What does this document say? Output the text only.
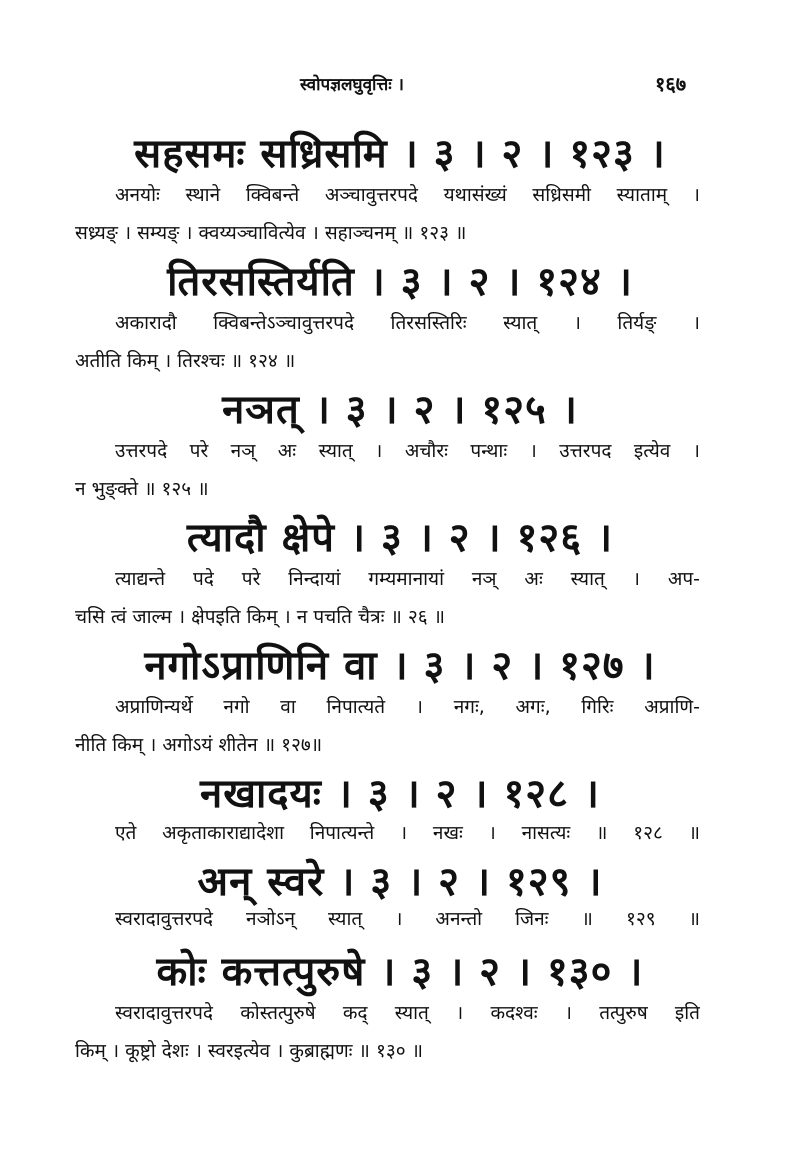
स्वोपज्ञलघुवृत्तिः ।	१६७
सहसमः सध्रिसमि । ३ । २ । १२३ ।
अनयोः स्थाने क्विबन्ते अञ्चावुत्तरपदे यथासंख्यं सध्रिसमी स्याताम् ।
सध्र्यङ् । सम्यङ् । क्वय्यञ्चावित्येव । सहाञ्चनम् ॥ १२३ ॥
तिरसस्तिर्यति । ३ । २ । १२४ ।
अकारादौ क्विबन्तेऽञ्चावुत्तरपदे तिरसस्तिरिः स्यात् । तिर्यङ् ।
अतीति किम् । तिरश्चः ॥ १२४ ॥
नञत् । ३ । २ । १२५ ।
उत्तरपदे परे नञ् अः स्यात् । अचौरः पन्थाः । उत्तरपद इत्येव ।
न भुङ्क्ते ॥ १२५ ॥
त्यादौ क्षेपे । ३ । २ । १२६ ।
त्याद्यन्ते पदे परे निन्दायां गम्यमानायां नञ् अः स्यात् । अप-
चसि त्वं जाल्म । क्षेपइति किम् । न पचति चैत्रः ॥ २६ ॥
नगोऽप्राणिनि वा । ३ । २ । १२७ ।
अप्राणिन्यर्थे नगो वा निपात्यते । नगः, अगः, गिरिः अप्राणि-
नीति किम् । अगोऽयं शीतेन ॥ १२७॥
नखादयः । ३ । २ । १२८ ।
एते अकृताकाराद्यादेशा निपात्यन्ते । नखः । नासत्यः ॥ १२८ ॥
अन् स्वरे । ३ । २ । १२९ ।
स्वरादावुत्तरपदे नञोऽन् स्यात् । अनन्तो जिनः ॥ १२९ ॥
कोः कत्तत्पुरुषे । ३ । २ । १३० ।
स्वरादावुत्तरपदे कोस्तत्पुरुषे कद् स्यात् । कदश्वः । तत्पुरुष इति
किम् । कूष्ट्रो देशः । स्वरइत्येव । कुब्राह्मणः ॥ १३० ॥
